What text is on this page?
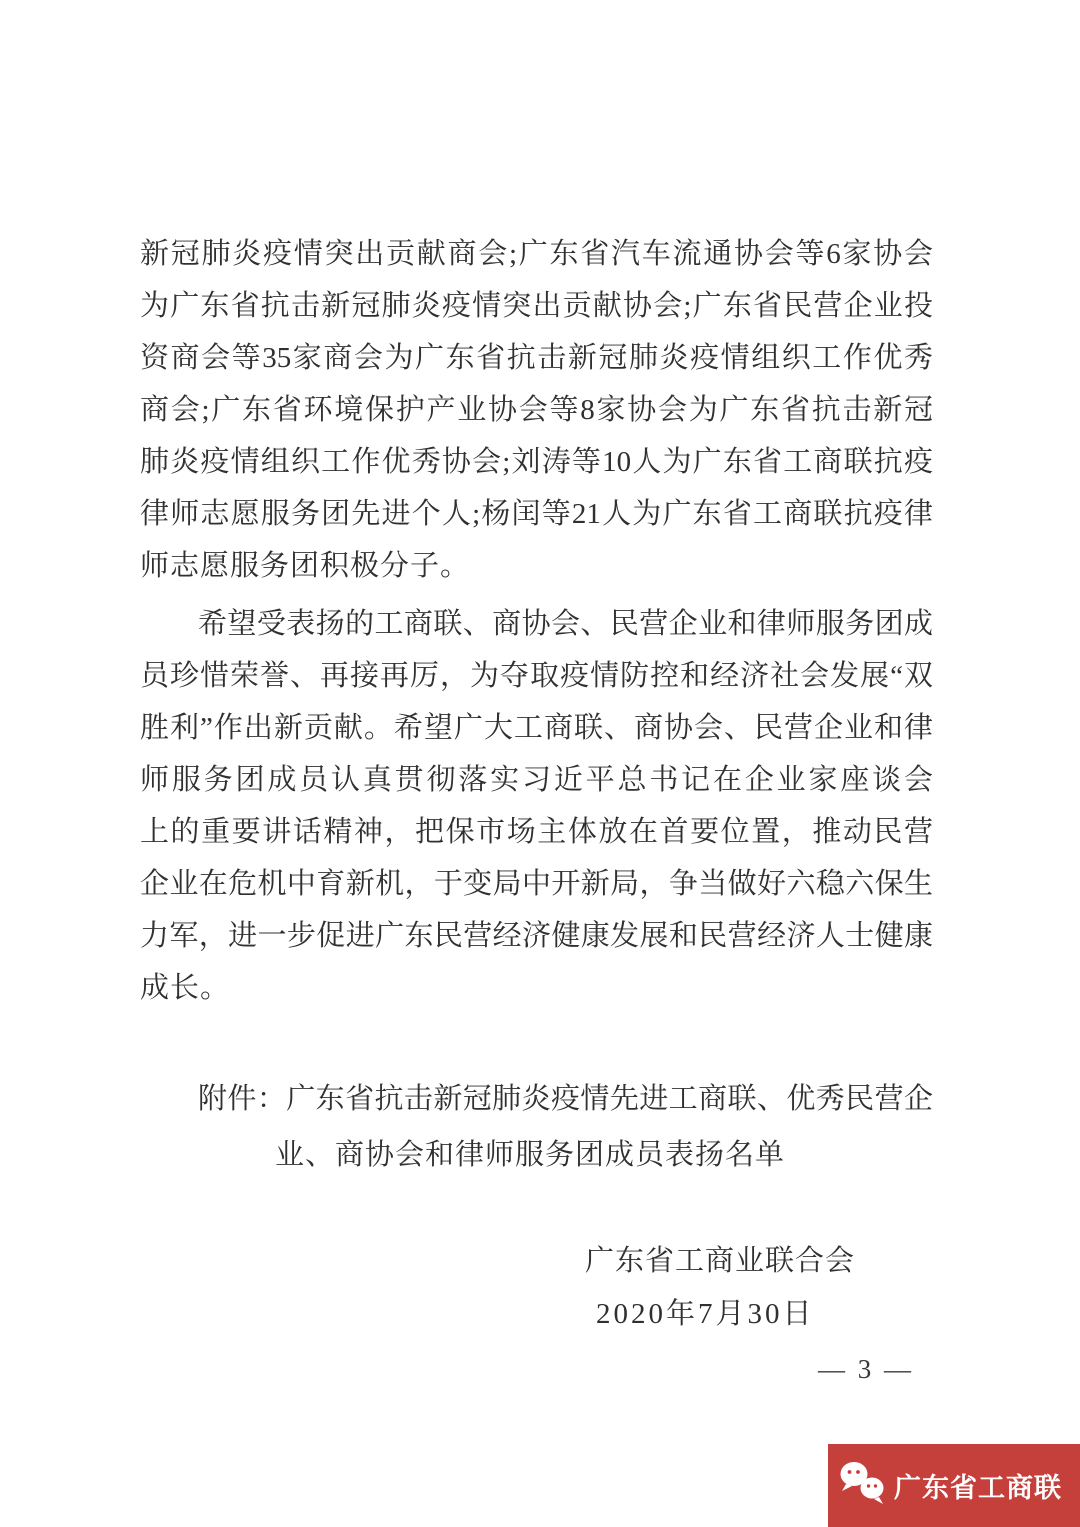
新冠肺炎疫情突出贡献商会;广东省汽车流通协会等6家协会

为广东省抗击新冠肺炎疫情突出贡献协会;广东省民营企业投

资商会等35家商会为广东省抗击新冠肺炎疫情组织工作优秀

商会;广东省环境保护产业协会等8家协会为广东省抗击新冠

肺炎疫情组织工作优秀协会;刘涛等10人为广东省工商联抗疫

律师志愿服务团先进个人;杨闰等21人为广东省工商联抗疫律

师志愿服务团积极分子。

希望受表扬的工商联、商协会、民营企业和律师服务团成

员珍惜荣誉、再接再厉，为夺取疫情防控和经济社会发展“双

胜利”作出新贡献。希望广大工商联、商协会、民营企业和律

师服务团成员认真贯彻落实习近平总书记在企业家座谈会

上的重要讲话精神，把保市场主体放在首要位置，推动民营

企业在危机中育新机，于变局中开新局，争当做好六稳六保生

力军，进一步促进广东民营经济健康发展和民营经济人士健康

成长。

附件：广东省抗击新冠肺炎疫情先进工商联、优秀民营企

业、商协会和律师服务团成员表扬名单

广东省工商业联合会
2020年7月30日
— 3 —
广东省工商联
